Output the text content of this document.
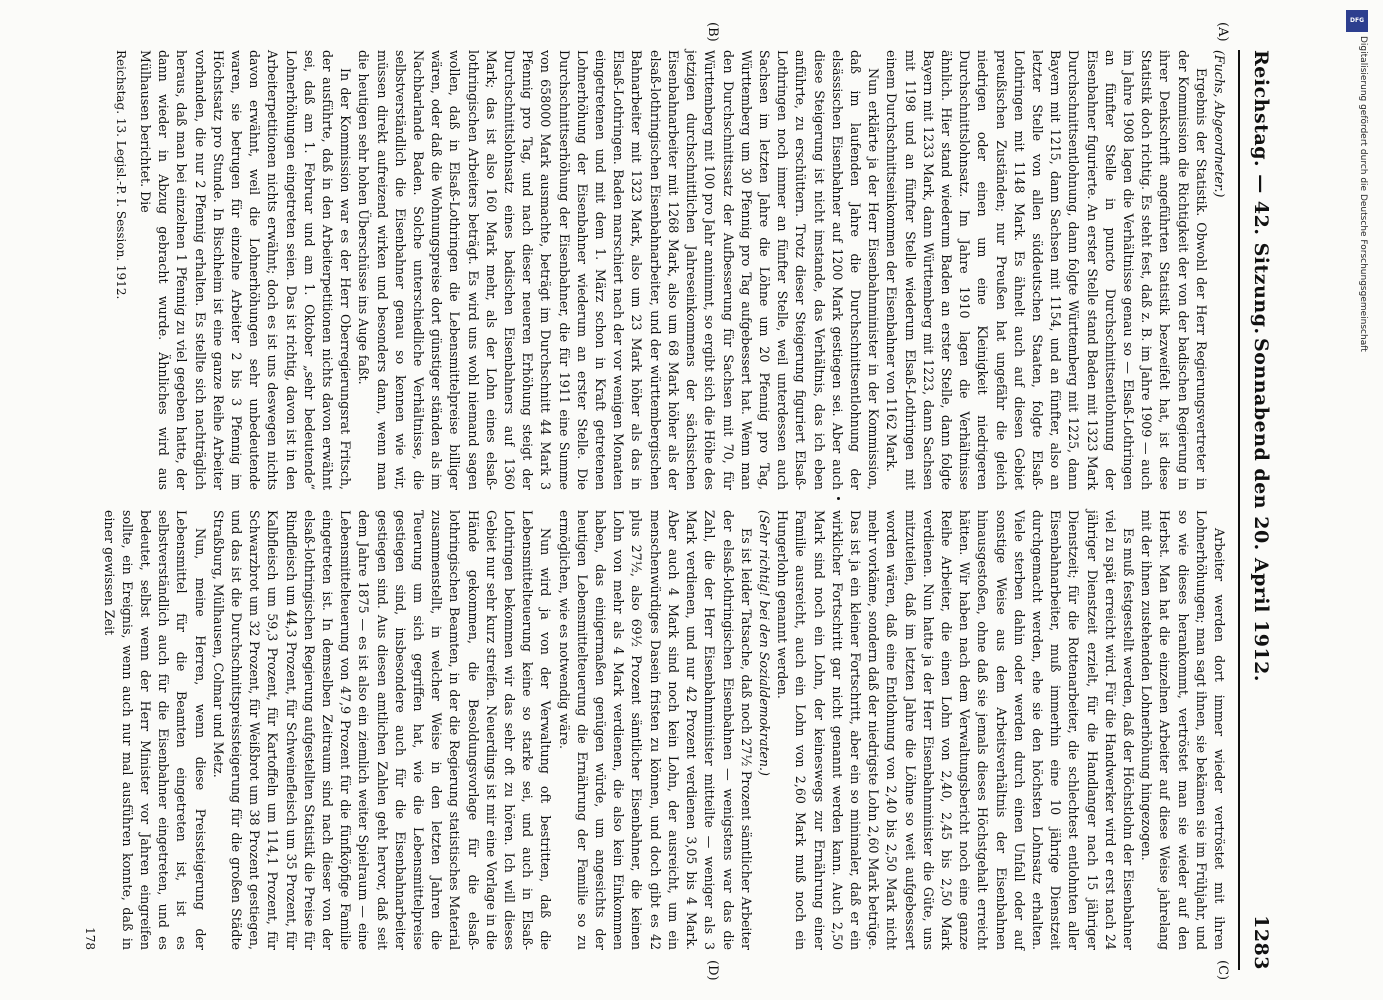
Reichstag. — 42. Sitzung.
Sonnabend den 20. April 1912.
1283
(A)
(B)
(C)
(D)

(Fuchs, Abgeordneter.)

Ergebnis der Statistik. Obwohl der Herr Regierungsvertreter in der Kommission die Richtigkeit der von der badischen Regierung in ihrer Denkschrift angeführten Statistik bezweifelt hat, ist diese Statistik doch richtig. Es steht fest, daß z. B. im Jahre 1909 — auch im Jahre 1908 lagen die Verhältnisse genau so — Elsaß-Lothringen an fünfter Stelle in puncto Durchschnittsentlohnung der Eisenbahner figurierte. An erster Stelle stand Baden mit 1323 Mark Durchschnittsentlohnung, dann folgte Württemberg mit 1225, dann Bayern mit 1215, dann Sachsen mit 1154, und an fünfter, also an letzter Stelle von allen süddeutschen Staaten, folgte Elsaß-Lothringen mit 1148 Mark. Es ähnelt auch auf diesen Gebiet preußischen Zuständen; nur Preußen hat ungefähr die gleich niedrigen oder einen um eine Kleinigkeit niedrigeren Durchschnittslohnsatz. Im Jahre 1910 lagen die Verhältnisse ähnlich. Hier stand wiederum Baden an erster Stelle, dann folgte Bayern mit 1233 Mark, dann Württemberg mit 1223, dann Sachsen mit 1198 und an fünfter Stelle wiederum Elsaß-Lothringen mit einem Durchschnittseinkommen der Eisenbahner von 1162 Mark.

Nun erklärte ja der Herr Eisenbahnminister in der Kommission, daß im laufenden Jahre die Durchschnittsentlohnung der elsässischen Eisenbahner auf 1200 Mark gestiegen sei. Aber auch diese Steigerung ist nicht imstande, das Verhältnis, das ich eben anführte, zu erschüttern. Trotz dieser Steigerung figuriert Elsaß-Lothringen noch immer an fünfter Stelle, weil unterdessen auch Sachsen im letzten Jahre die Löhne um 20 Pfennig pro Tag, Württemberg um 30 Pfennig pro Tag aufgebessert hat. Wenn man den Durchschnittssatz der Aufbesserung für Sachsen mit 70, für Württemberg mit 100 pro Jahr annimmt, so ergibt sich die Höhe des jetzigen durchschnittlichen Jahreseinkommens der sächsischen Eisenbahnarbeiter mit 1268 Mark, also um 68 Mark höher als der elsaß-lothringischen Eisenbahnarbeiter, und der württembergischen Bahnarbeiter mit 1323 Mark, also um 23 Mark höher als das in Elsaß-Lothringen. Baden marschiert nach der vor wenigen Monaten eingetretenen und mit dem 1. März schon in Kraft getretenen Lohnerhöhung der Eisenbahner wiederum an erster Stelle. Die Durchschnittserhöhung der Eisenbahner, die für 1911 eine Summe von 658000 Mark ausmachte, beträgt im Durchschnitt 44 Mark 3 Pfennig pro Tag, und nach dieser neueren Erhöhung steigt der Durchschnittslohnsatz eines badischen Eisenbahners auf 1360 Mark; das ist also 160 Mark mehr, als der Lohn eines elsaß-lothringischen Arbeiters beträgt. Es wird uns wohl niemand sagen wollen, daß in Elsaß-Lothringen die Lebensmittelpreise billiger wären, oder daß die Wohnungspreise dort günstiger ständen als im Nachbarlande Baden. Solche unterschiedliche Verhältnisse, die selbstverständlich die Eisenbahner genau so kennen wie wir, müssen direkt aufreizend wirken und besonders dann, wenn man die heutigen sehr hohen Überschüsse ins Auge faßt.

In der Kommission war es der Herr Oberregierungsrat Fritsch, der ausführte, daß in den Arbeiterpetitionen nichts davon erwähnt sei, daß am 1. Februar und am 1. Oktober „sehr bedeutende“ Lohnerhöhungen eingetreten seien. Das ist richtig, davon ist in den Arbeiterpetitionen nichts erwähnt; doch es ist uns deswegen nichts davon erwähnt, weil die Lohnerhöhungen sehr unbedeutende waren, sie betrugen für einzelne Arbeiter 2 bis 3 Pfennig im Höchstsatz pro Stunde. In Bischheim ist eine ganze Reihe Arbeiter vorhanden, die nur 2 Pfennig erhalten. Es stellte sich nachträglich heraus, daß man bei einzelnen 1 Pfennig zu viel gegeben hatte, der dann wieder in Abzug gebracht wurde. Ähnliches wird aus Mülhausen berichtet. Die

Reichstag. 13. Legisl.-P. I. Session. 1912.

Arbeiter werden dort immer wieder vertröstet mit ihren Lohnerhöhungen; man sagt ihnen, sie bekämen sie im Frühjahr, und so wie dieses herankommt, vertröstet man sie wieder auf den Herbst. Man hat die einzelnen Arbeiter auf diese Weise jahrelang mit der ihnen zustehenden Lohnerhöhung hingezogen.

Es muß festgestellt werden, daß der Höchstlohn der Eisenbahner viel zu spät erreicht wird. Für die Handwerker wird er erst nach 24 jähriger Dienstzeit erzielt, für die Handlanger nach 15 jähriger Dienstzeit; für die Rottenarbeiter, die schlechtest entlohnten aller Eisenbahnarbeiter, muß immerhin eine 10 jährige Dienstzeit durchgemacht werden, ehe sie den höchsten Lohnsatz erhalten. Viele sterben dahin oder werden durch einen Unfall oder auf sonstige Weise aus dem Arbeitsverhältnis der Eisenbahnen hinausgestoßen, ohne daß sie jemals dieses Höchstgehalt erreicht hätten. Wir haben nach dem Verwaltungsbericht noch eine ganze Reihe Arbeiter, die einen Lohn von 2,40, 2,45 bis 2,50 Mark verdienen. Nun hatte ja der Herr Eisenbahnminister die Güte, uns mitzuteilen, daß im letzten Jahre die Löhne so weit aufgebessert worden wären, daß eine Entlohnung von 2,40 bis 2,50 Mark nicht mehr vorkäme, sondern daß der niedrigste Lohn 2,60 Mark betrüge. Das ist ja ein kleiner Fortschritt, aber ein so minimaler, daß er ein wirklicher Fortschritt gar nicht genannt werden kann. Auch 2,50 Mark sind noch ein Lohn, der keineswegs zur Ernährung einer Familie ausreicht, auch ein Lohn von 2,60 Mark muß noch ein Hungerlohn genannt werden.

(Sehr richtig! bei den Sozialdemokraten.)

Es ist leider Tatsache, daß noch 27½ Prozent sämtlicher Arbeiter der elsaß-lothringischen Eisenbahnen — wenigstens war das die Zahl, die der Herr Eisenbahnminister mitteilte — weniger als 3 Mark verdienen, und nur 42 Prozent verdienen 3,05 bis 4 Mark. Aber auch 4 Mark sind noch kein Lohn, der ausreicht, um ein menschenwürdiges Dasein fristen zu können, und doch gibt es 42 plus 27½, also 69½ Prozent sämtlicher Eisenbahner, die keinen Lohn von mehr als 4 Mark verdienen, die also kein Einkommen haben, das einigermaßen genügen würde, um angesichts der heutigen Lebensmittelteuerung die Ernährung der Familie so zu ermöglichen, wie es notwendig wäre.

Nun wird ja von der Verwaltung oft bestritten, daß die Lebensmittelteuerung keine so starke sei, und auch in Elsaß-Lothringen bekommen wir das sehr oft zu hören. Ich will dieses Gebiet nur sehr kurz streifen. Neuerdings ist mir eine Vorlage in die Hände gekommen, die Besoldungsvorlage für die elsaß-lothringischen Beamten, in der die Regierung statistisches Material zusammenstellt, in welcher Weise in den letzten Jahren die Teuerung um sich gegriffen hat, wie die Lebensmittelpreise gestiegen sind, insbesondere auch für die Eisenbahnarbeiter gestiegen sind. Aus diesen amtlichen Zahlen geht hervor, daß seit dem Jahre 1875 — es ist also ein ziemlich weiter Spielraum — eine Lebensmittelteuerung von 47,9 Prozent für die fünfköpfige Familie eingetreten ist. In demselben Zeitraum sind nach dieser von der elsaß-lothringischen Regierung aufgestellten Statistik die Preise für Rindfleisch um 44,3 Prozent, für Schweinefleisch um 35 Prozent, für Kalbfleisch um 59,3 Prozent, für Kartoffeln um 114,1 Prozent, für Schwarzbrot um 32 Prozent, für Weißbrot um 38 Prozent gestiegen, und das ist die Durchschnittspreissteigerung für die großen Städte Straßburg, Mülhausen, Colmar und Metz.

Nun, meine Herren, wenn diese Preissteigerung der Lebensmittel für die Beamten eingetreten ist, ist es selbstverständlich auch für die Eisenbahner eingetreten, und es bedeutet, selbst wenn der Herr Minister vor Jahren eingreifen sollte, ein Ereignis, wenn auch nur mal ausführen konnte, daß in einer gewissen Zeit

178

DFG
Digitalisierung gefördert durch die Deutsche Forschungsgemeinschaft
